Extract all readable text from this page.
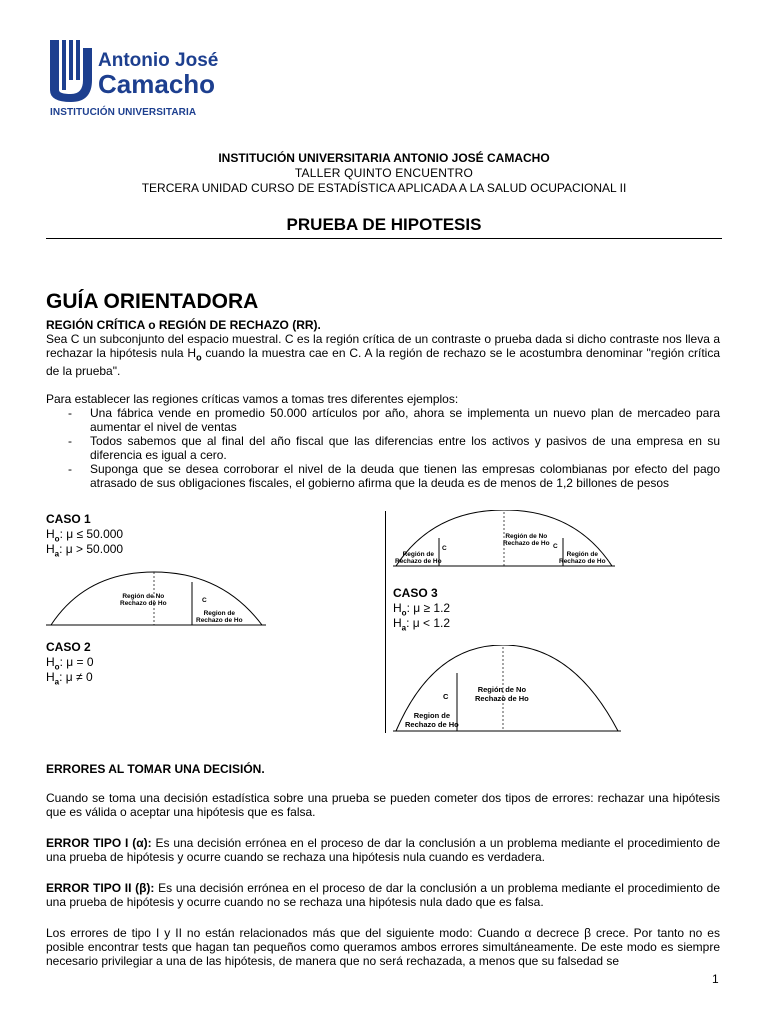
Antonio José
Camacho
INSTITUCIÓN UNIVERSITARIA
INSTITUCIÓN UNIVERSITARIA ANTONIO JOSÉ CAMACHO
TALLER QUINTO ENCUENTRO
TERCERA UNIDAD CURSO DE ESTADÍSTICA APLICADA A LA SALUD OCUPACIONAL II
PRUEBA DE HIPOTESIS
GUÍA ORIENTADORA
REGIÓN CRÍTICA o REGIÓN DE RECHAZO (RR).
Sea C un subconjunto del espacio muestral. C es la región crítica de un contraste o prueba dada si dicho contraste nos lleva a rechazar la hipótesis nula $H_o$ cuando la muestra cae en C. A la región de rechazo se le acostumbra denominar "región crítica de la prueba".
Para establecer las regiones críticas vamos a tomas tres diferentes ejemplos:
- Una fábrica vende en promedio 50.000 artículos por año, ahora se implementa un nuevo plan de mercadeo para aumentar el nivel de ventas
- Todos sabemos que al final del año fiscal que las diferencias entre los activos y pasivos de una empresa en su diferencia es igual a cero.
- Suponga que se desea corroborar el nivel de la deuda que tienen las empresas colombianas por efecto del pago atrasado de sus obligaciones fiscales, el gobierno afirma que la deuda es de menos de 1,2 billones de pesos
CASO 1
$H_o$: μ ≤ 50.000
$H_a$: μ > 50.000
Región de No
Rechazo de Ho	C
Region de
Rechazo de Ho
CASO 2
$H_o$: μ = 0
$H_a$: μ ≠ 0
Región de No
Rechazo de Ho
C	C
Región de
Rechazo de Ho
Región de
Rechazo de Ho
CASO 3
$H_o$: μ ≥ 1.2
$H_a$: μ < 1.2
Región de No
Rechazo de Ho
C
Region de
Rechazo de Ho
ERRORES AL TOMAR UNA DECISIÓN.
Cuando se toma una decisión estadística sobre una prueba se pueden cometer dos tipos de errores: rechazar una hipótesis que es válida o aceptar una hipótesis que es falsa.
ERROR TIPO I (α): Es una decisión errónea en el proceso de dar la conclusión a un problema mediante el procedimiento de una prueba de hipótesis y ocurre cuando se rechaza una hipótesis nula cuando es verdadera.
ERROR TIPO II (β): Es una decisión errónea en el proceso de dar la conclusión a un problema mediante el procedimiento de una prueba de hipótesis y ocurre cuando no se rechaza una hipótesis nula dado que es falsa.
Los errores de tipo I y II no están relacionados más que del siguiente modo: Cuando α decrece β crece. Por tanto no es posible encontrar tests que hagan tan pequeños como queramos ambos errores simultáneamente. De este modo es siempre necesario privilegiar a una de las hipótesis, de manera que no será rechazada, a menos que su falsedad se
1
